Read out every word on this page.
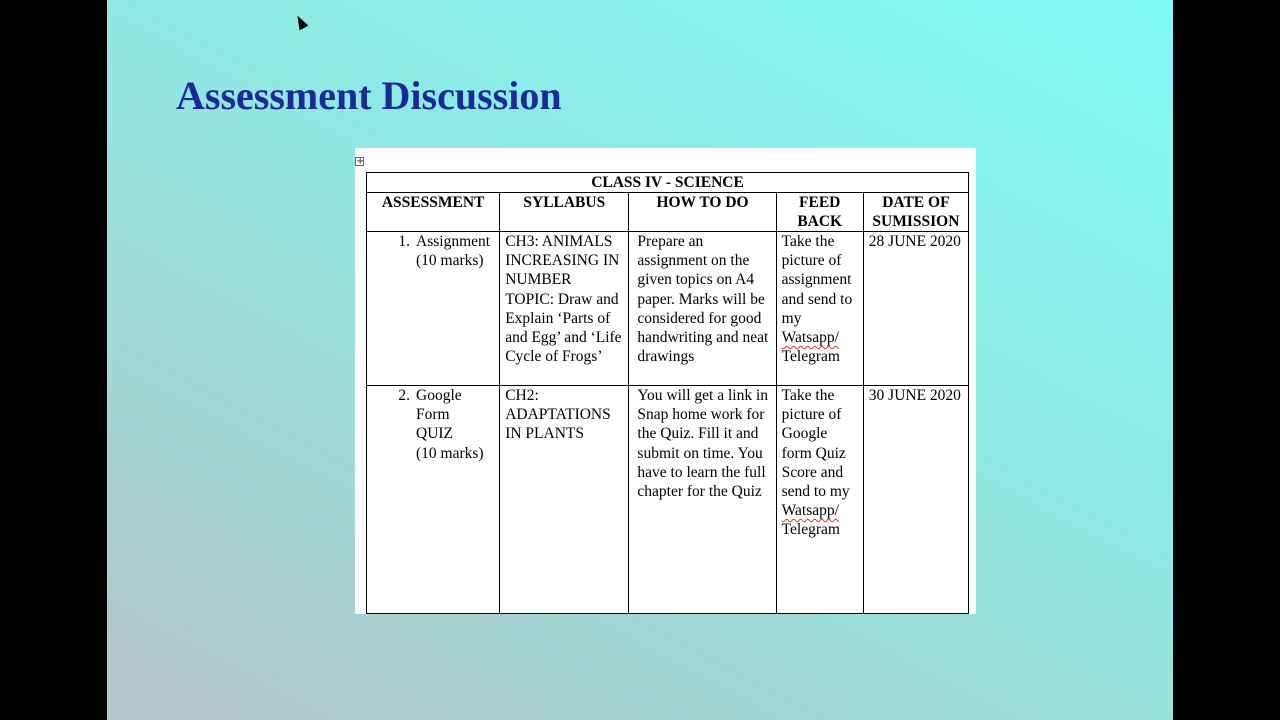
Assessment Discussion
+
CLASS IV - SCIENCE				
ASSESSMENT	SYLLABUS	HOW TO DO	FEED BACK	DATE OF SUMISSION

1. Assignment
(10 marks)	CH3: ANIMALS INCREASING IN NUMBER TOPIC: Draw and Explain ‘Parts of and Egg’ and ‘Life Cycle of Frogs’	Prepare an assignment on the given topics on A4 paper. Marks will be considered for good handwriting and neat drawings	Take the picture of assignment and send to my Watsapp/ Telegram	28 JUNE 2020

2. Google
Form
QUIZ
(10 marks)	CH2: ADAPTATIONS IN PLANTS	You will get a link in Snap home work for the Quiz. Fill it and submit on time. You have to learn the full chapter for the Quiz	Take the picture of Google form Quiz Score and send to my Watsapp/ Telegram	30 JUNE 2020
